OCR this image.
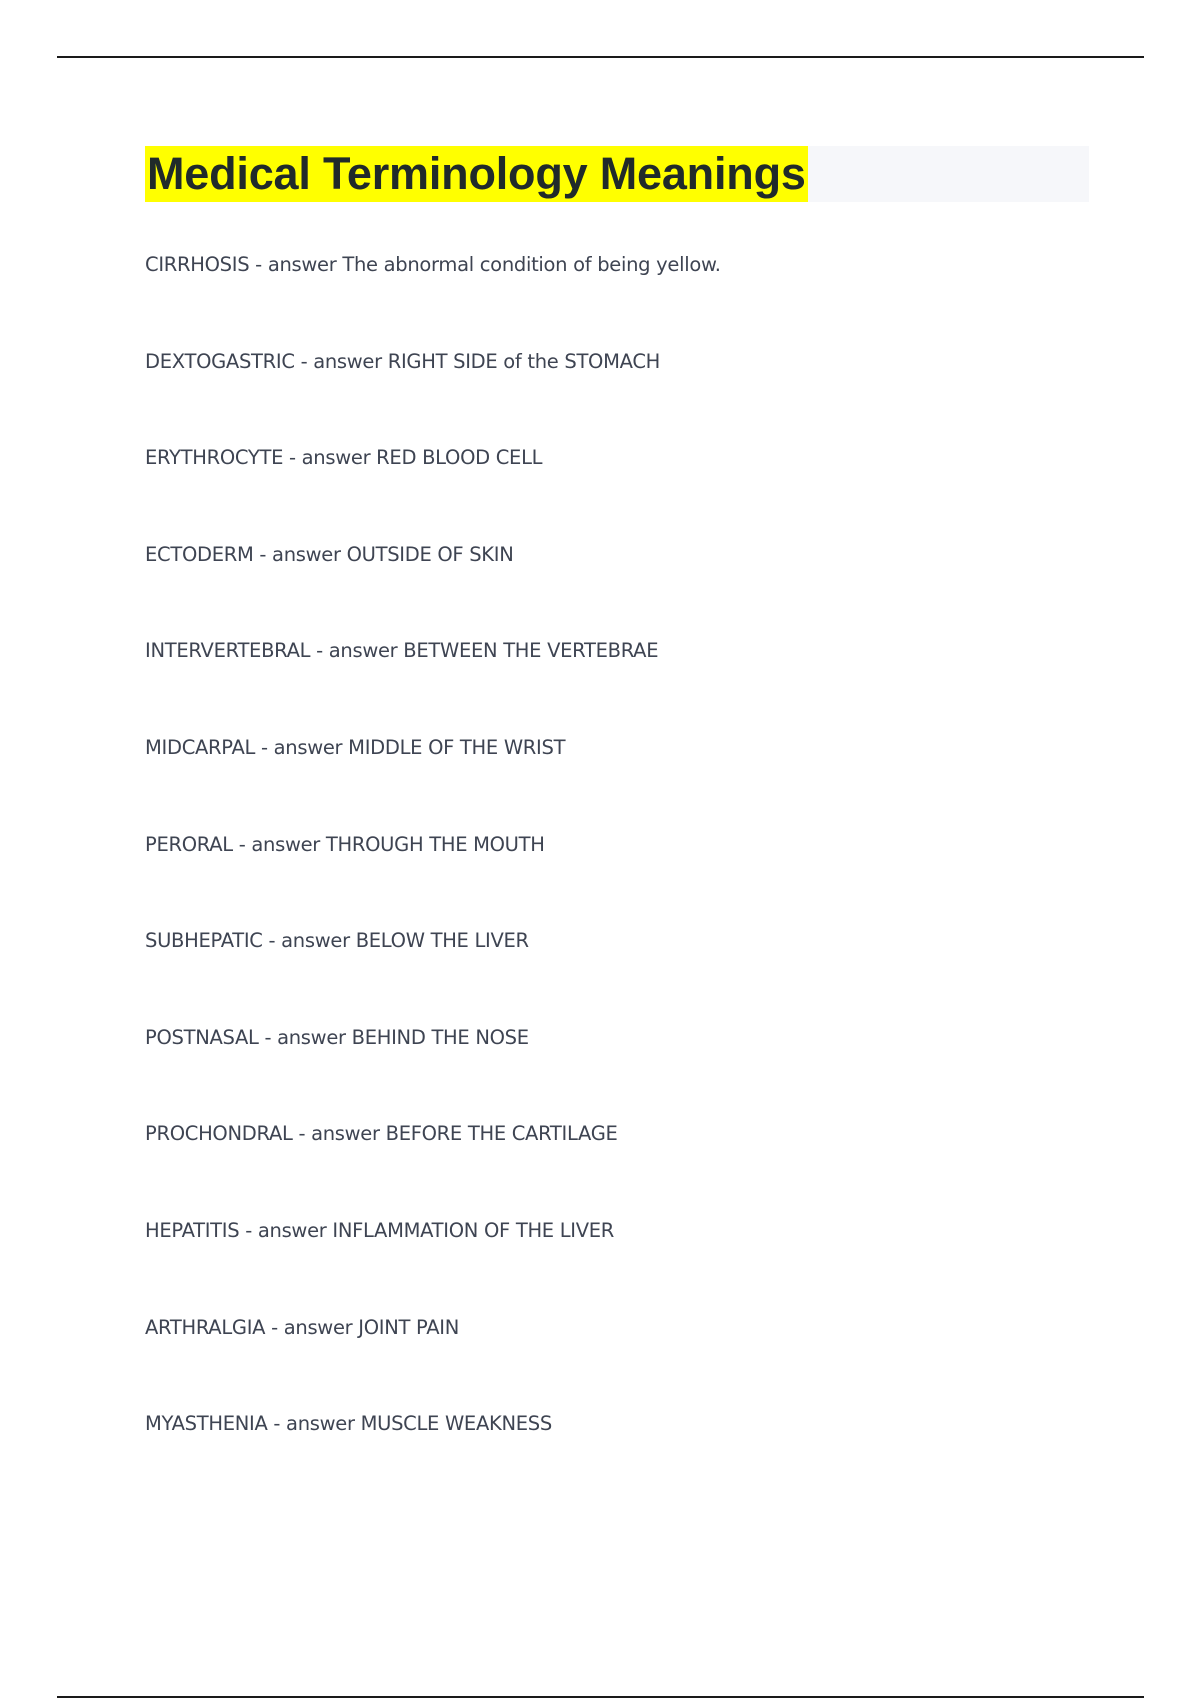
Medical Terminology Meanings
CIRRHOSIS - answer The abnormal condition of being yellow.
DEXTOGASTRIC - answer RIGHT SIDE of the STOMACH
ERYTHROCYTE - answer RED BLOOD CELL
ECTODERM - answer OUTSIDE OF SKIN
INTERVERTEBRAL - answer BETWEEN THE VERTEBRAE
MIDCARPAL - answer MIDDLE OF THE WRIST
PERORAL - answer THROUGH THE MOUTH
SUBHEPATIC - answer BELOW THE LIVER
POSTNASAL - answer BEHIND THE NOSE
PROCHONDRAL - answer BEFORE THE CARTILAGE
HEPATITIS - answer INFLAMMATION OF THE LIVER
ARTHRALGIA - answer JOINT PAIN
MYASTHENIA - answer MUSCLE WEAKNESS
